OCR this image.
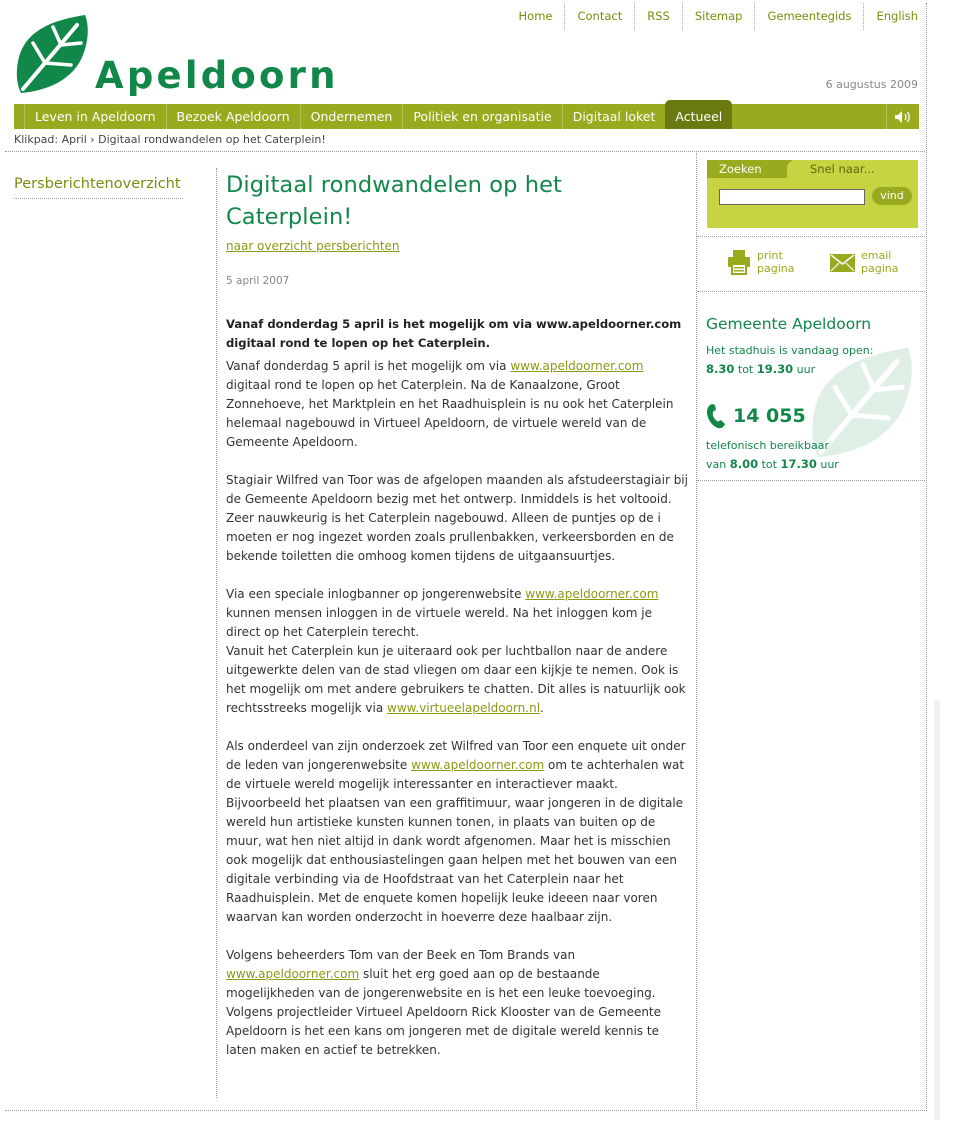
Home	Contact	RSS	Sitemap	Gemeentegids	English
Apeldoorn	6 augustus 2009
Leven in Apeldoorn	Bezoek Apeldoorn	Ondernemen	Politiek en organisatie	Digitaal loket	Actueel
Klikpad: April › Digitaal rondwandelen op het Caterplein!
Persberichtenoverzicht	Digitaal rondwandelen op het Caterplein!
naar overzicht persberichten
5 april 2007
Vanaf donderdag 5 april is het mogelijk om via www.apeldoorner.com digitaal rond te lopen op het Caterplein.
Vanaf donderdag 5 april is het mogelijk om via www.apeldoorner.com digitaal rond te lopen op het Caterplein. Na de Kanaalzone, Groot Zonnehoeve, het Marktplein en het Raadhuisplein is nu ook het Caterplein helemaal nagebouwd in Virtueel Apeldoorn, de virtuele wereld van de Gemeente Apeldoorn.
Stagiair Wilfred van Toor was de afgelopen maanden als afstudeerstagiair bij de Gemeente Apeldoorn bezig met het ontwerp. Inmiddels is het voltooid. Zeer nauwkeurig is het Caterplein nagebouwd. Alleen de puntjes op de i moeten er nog ingezet worden zoals prullenbakken, verkeersborden en de bekende toiletten die omhoog komen tijdens de uitgaansuurtjes.
Via een speciale inlogbanner op jongerenwebsite www.apeldoorner.com kunnen mensen inloggen in de virtuele wereld. Na het inloggen kom je direct op het Caterplein terecht.
Vanuit het Caterplein kun je uiteraard ook per luchtballon naar de andere uitgewerkte delen van de stad vliegen om daar een kijkje te nemen. Ook is het mogelijk om met andere gebruikers te chatten. Dit alles is natuurlijk ook rechtsstreeks mogelijk via www.virtueelapeldoorn.nl.
Als onderdeel van zijn onderzoek zet Wilfred van Toor een enquete uit onder de leden van jongerenwebsite www.apeldoorner.com om te achterhalen wat de virtuele wereld mogelijk interessanter en interactiever maakt. Bijvoorbeeld het plaatsen van een graffitimuur, waar jongeren in de digitale wereld hun artistieke kunsten kunnen tonen, in plaats van buiten op de muur, wat hen niet altijd in dank wordt afgenomen. Maar het is misschien ook mogelijk dat enthousiastelingen gaan helpen met het bouwen van een digitale verbinding via de Hoofdstraat van het Caterplein naar het Raadhuisplein. Met de enquete komen hopelijk leuke ideeen naar voren waarvan kan worden onderzocht in hoeverre deze haalbaar zijn.
Volgens beheerders Tom van der Beek en Tom Brands van www.apeldoorner.com sluit het erg goed aan op de bestaande mogelijkheden van de jongerenwebsite en is het een leuke toevoeging. Volgens projectleider Virtueel Apeldoorn Rick Klooster van de Gemeente Apeldoorn is het een kans om jongeren met de digitale wereld kennis te laten maken en actief te betrekken.
Zoeken	Snel naar...
vind
print
pagina
email
pagina
Gemeente Apeldoorn
Het stadhuis is vandaag open:
8.30 tot 19.30 uur
14 055
telefonisch bereikbaar
van 8.00 tot 17.30 uur
